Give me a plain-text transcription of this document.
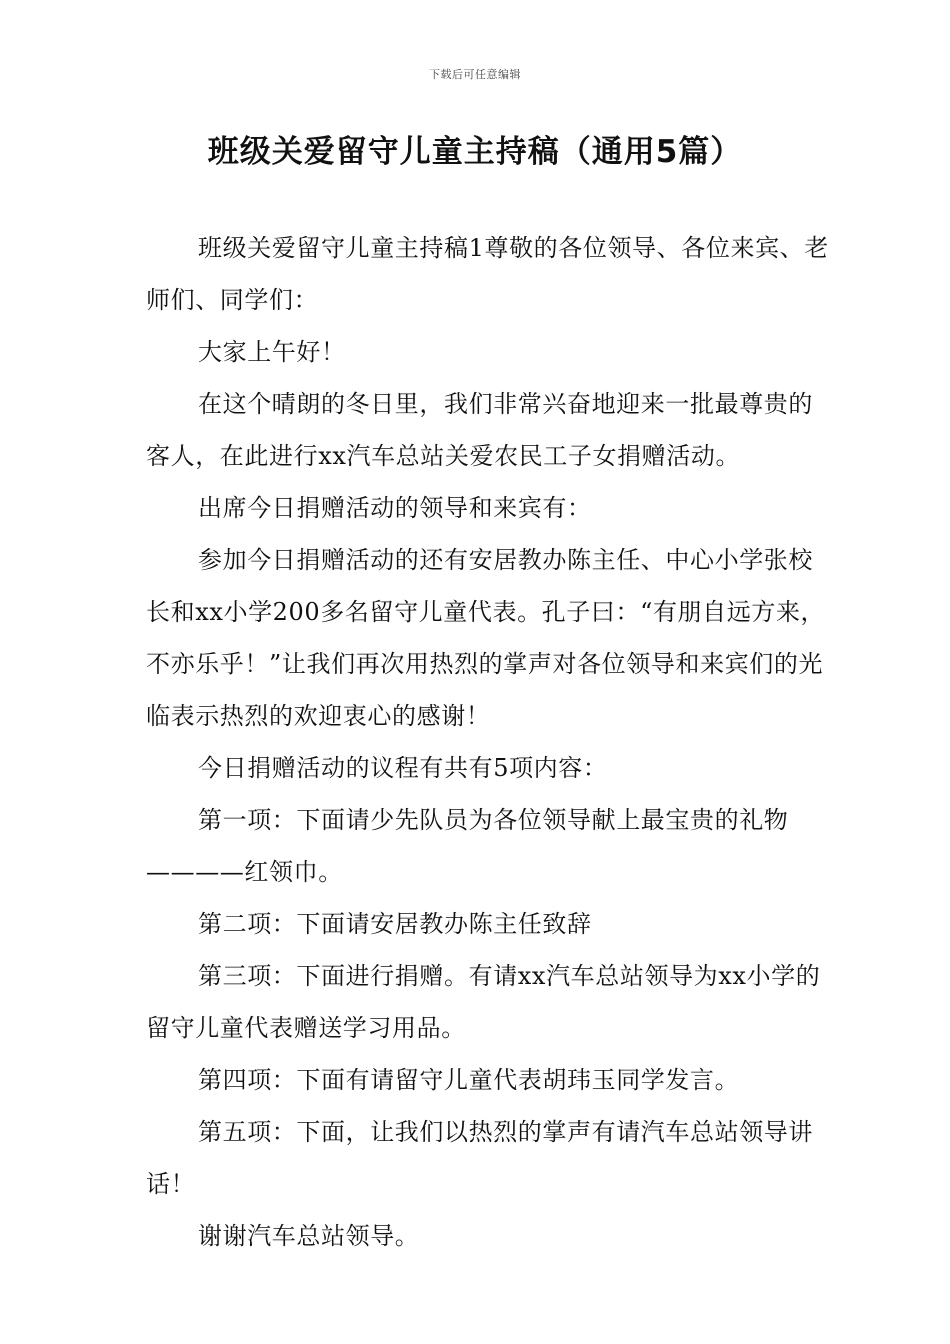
下载后可任意编辑
班级关爱留守儿童主持稿（通用5篇）

班级关爱留守儿童主持稿1尊敬的各位领导、各位来宾、老师们、同学们：

大家上午好！

在这个晴朗的冬日里，我们非常兴奋地迎来一批最尊贵的客人，在此进行xx汽车总站关爱农民工子女捐赠活动。

出席今日捐赠活动的领导和来宾有：

参加今日捐赠活动的还有安居教办陈主任、中心小学张校长和xx小学200多名留守儿童代表。孔子曰：“有朋自远方来，不亦乐乎！”让我们再次用热烈的掌声对各位领导和来宾们的光临表示热烈的欢迎衷心的感谢！

今日捐赠活动的议程有共有5项内容：

第一项：下面请少先队员为各位领导献上最宝贵的礼物————红领巾。

第二项：下面请安居教办陈主任致辞

第三项：下面进行捐赠。有请xx汽车总站领导为xx小学的留守儿童代表赠送学习用品。

第四项：下面有请留守儿童代表胡玮玉同学发言。

第五项：下面，让我们以热烈的掌声有请汽车总站领导讲话！

谢谢汽车总站领导。
